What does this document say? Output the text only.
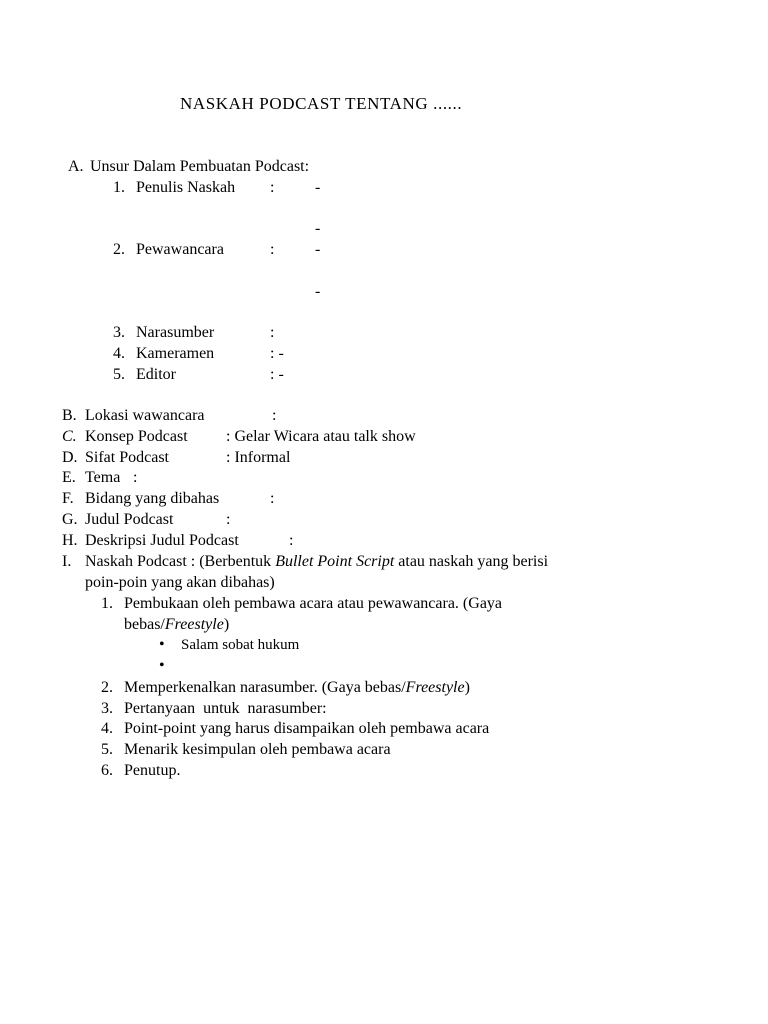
NASKAH PODCAST TENTANG ......
A. Unsur Dalam Pembuatan Podcast:
1. Penulis Naskah :	-
-
2. Pewawancara	:	-
-
3. Narasumber	:
4. Kameramen	: -
5. Editor	: -
B. Lokasi wawancara	:
C. Konsep Podcast : Gelar Wicara atau talk show
D. Sifat Podcast	: Informal
E. Tema :
F. Bidang yang dibahas	:
G. Judul Podcast	:
H. Deskripsi Judul Podcast	:
I. Naskah Podcast : (Berbentuk Bullet Point Script atau naskah yang berisi
poin-poin yang akan dibahas)
1. Pembukaan oleh pembawa acara atau pewawancara. (Gaya
bebas/Freestyle)
• Salam sobat hukum
•
2. Memperkenalkan narasumber. (Gaya bebas/Freestyle)
3. Pertanyaan  untuk  narasumber:
4. Point-point yang harus disampaikan oleh pembawa acara
5. Menarik kesimpulan oleh pembawa acara
6. Penutup.
